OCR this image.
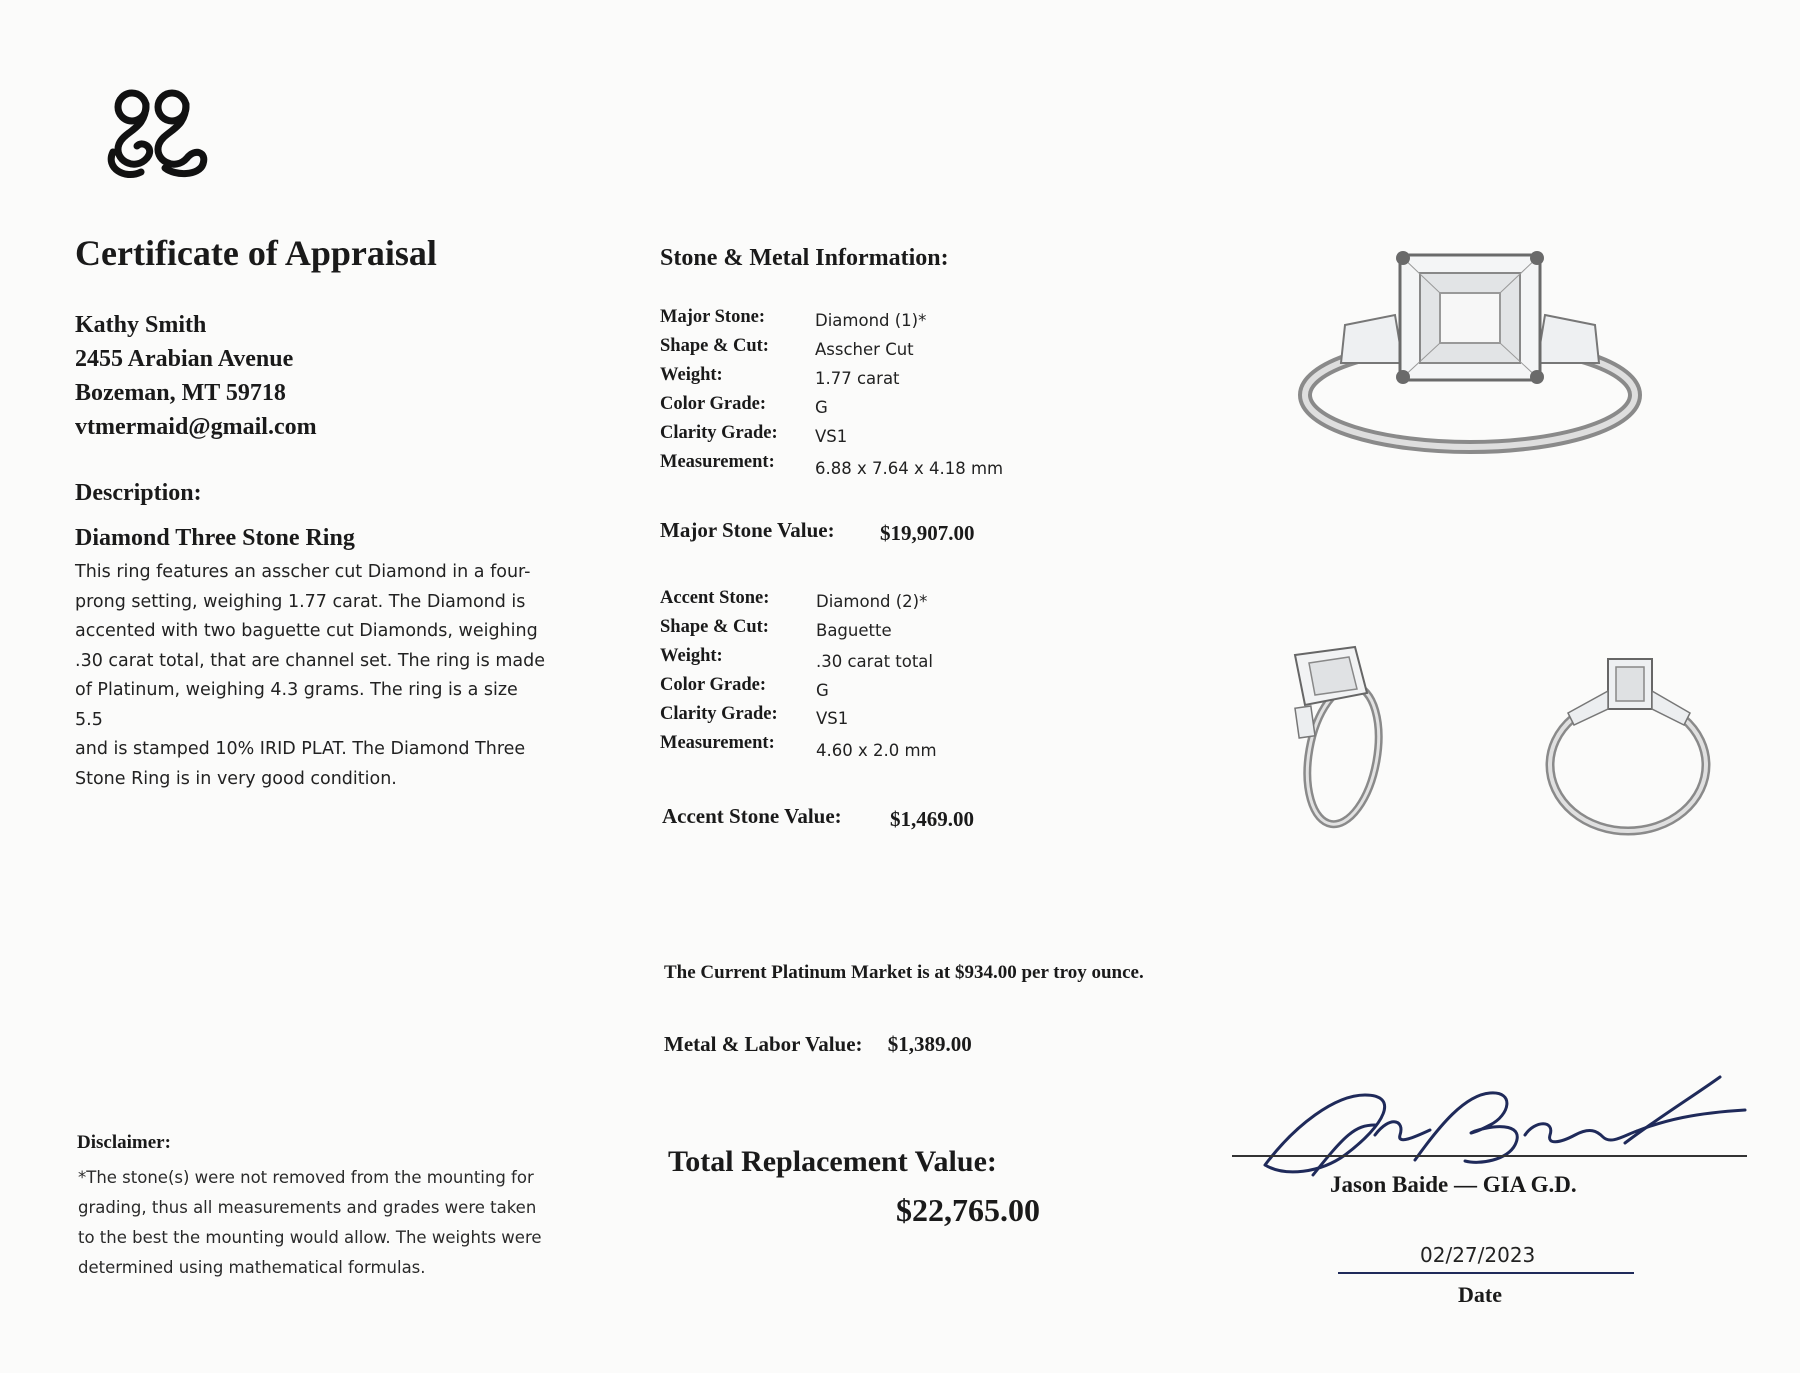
Certificate of Appraisal
Kathy Smith
2455 Arabian Avenue
Bozeman, MT 59718
vtmermaid@gmail.com
Description:
Diamond Three Stone Ring
This ring features an asscher cut Diamond in a four-
prong setting, weighing 1.77 carat. The Diamond is
accented with two baguette cut Diamonds, weighing
.30 carat total, that are channel set. The ring is made
of Platinum, weighing 4.3 grams. The ring is a size 5.5
and is stamped 10% IRID PLAT. The Diamond Three
Stone Ring is in very good condition.
Disclaimer:
*The stone(s) were not removed from the mounting for
grading, thus all measurements and grades were taken
to the best the mounting would allow. The weights were
determined using mathematical formulas.
Stone & Metal Information:
Major Stone:	Diamond (1)*
Shape & Cut:	Asscher Cut
Weight:	1.77 carat
Color Grade:	G
Clarity Grade: VS1
Measurement: 6.88 x 7.64 x 4.18 mm
Major Stone Value: $19,907.00
Accent Stone:	Diamond (2)*
Shape & Cut:	Baguette
Weight:	.30 carat total
Color Grade:	G
Clarity Grade: VS1
Measurement:	4.60 x 2.0 mm
Accent Stone Value: $1,469.00
The Current Platinum Market is at $934.00 per troy ounce.
Metal & Labor Value: $1,389.00
Total Replacement Value:
$22,765.00
Jason Baide — GIA G.D.
02/27/2023
Date
